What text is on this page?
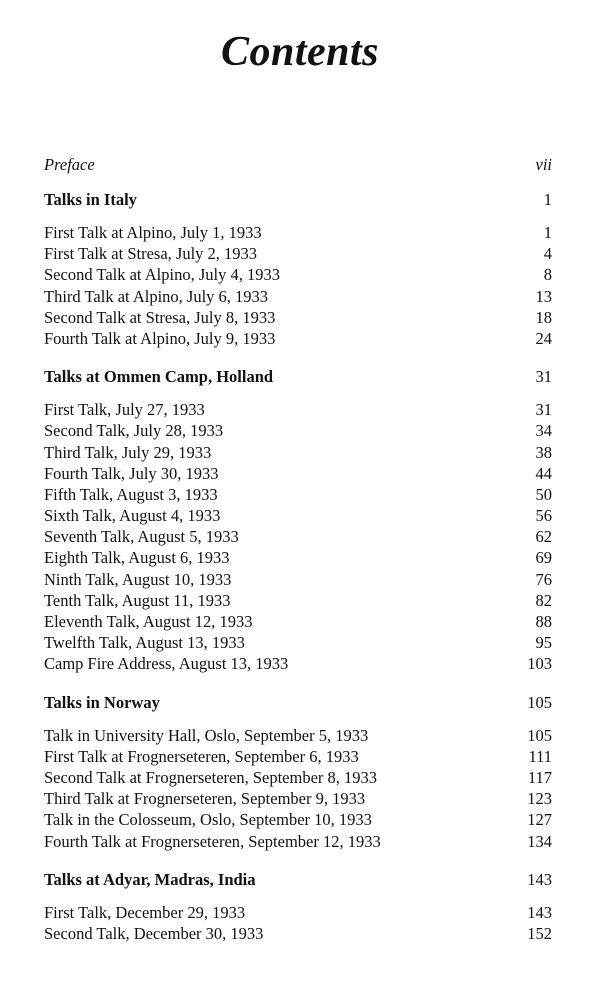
Contents
Preface	vii
Talks in Italy	1
First Talk at Alpino, July 1, 1933	1
First Talk at Stresa, July 2, 1933	4
Second Talk at Alpino, July 4, 1933	8
Third Talk at Alpino, July 6, 1933	13
Second Talk at Stresa, July 8, 1933	18
Fourth Talk at Alpino, July 9, 1933	24
Talks at Ommen Camp, Holland	31
First Talk, July 27, 1933	31
Second Talk, July 28, 1933	34
Third Talk, July 29, 1933	38
Fourth Talk, July 30, 1933	44
Fifth Talk, August 3, 1933	50
Sixth Talk, August 4, 1933	56
Seventh Talk, August 5, 1933	62
Eighth Talk, August 6, 1933	69
Ninth Talk, August 10, 1933	76
Tenth Talk, August 11, 1933	82
Eleventh Talk, August 12, 1933	88
Twelfth Talk, August 13, 1933	95
Camp Fire Address, August 13, 1933	103
Talks in Norway	105
Talk in University Hall, Oslo, September 5, 1933	105
First Talk at Frognerseteren, September 6, 1933	111
Second Talk at Frognerseteren, September 8, 1933	117
Third Talk at Frognerseteren, September 9, 1933	123
Talk in the Colosseum, Oslo, September 10, 1933	127
Fourth Talk at Frognerseteren, September 12, 1933	134
Talks at Adyar, Madras, India	143
First Talk, December 29, 1933	143
Second Talk, December 30, 1933	152
